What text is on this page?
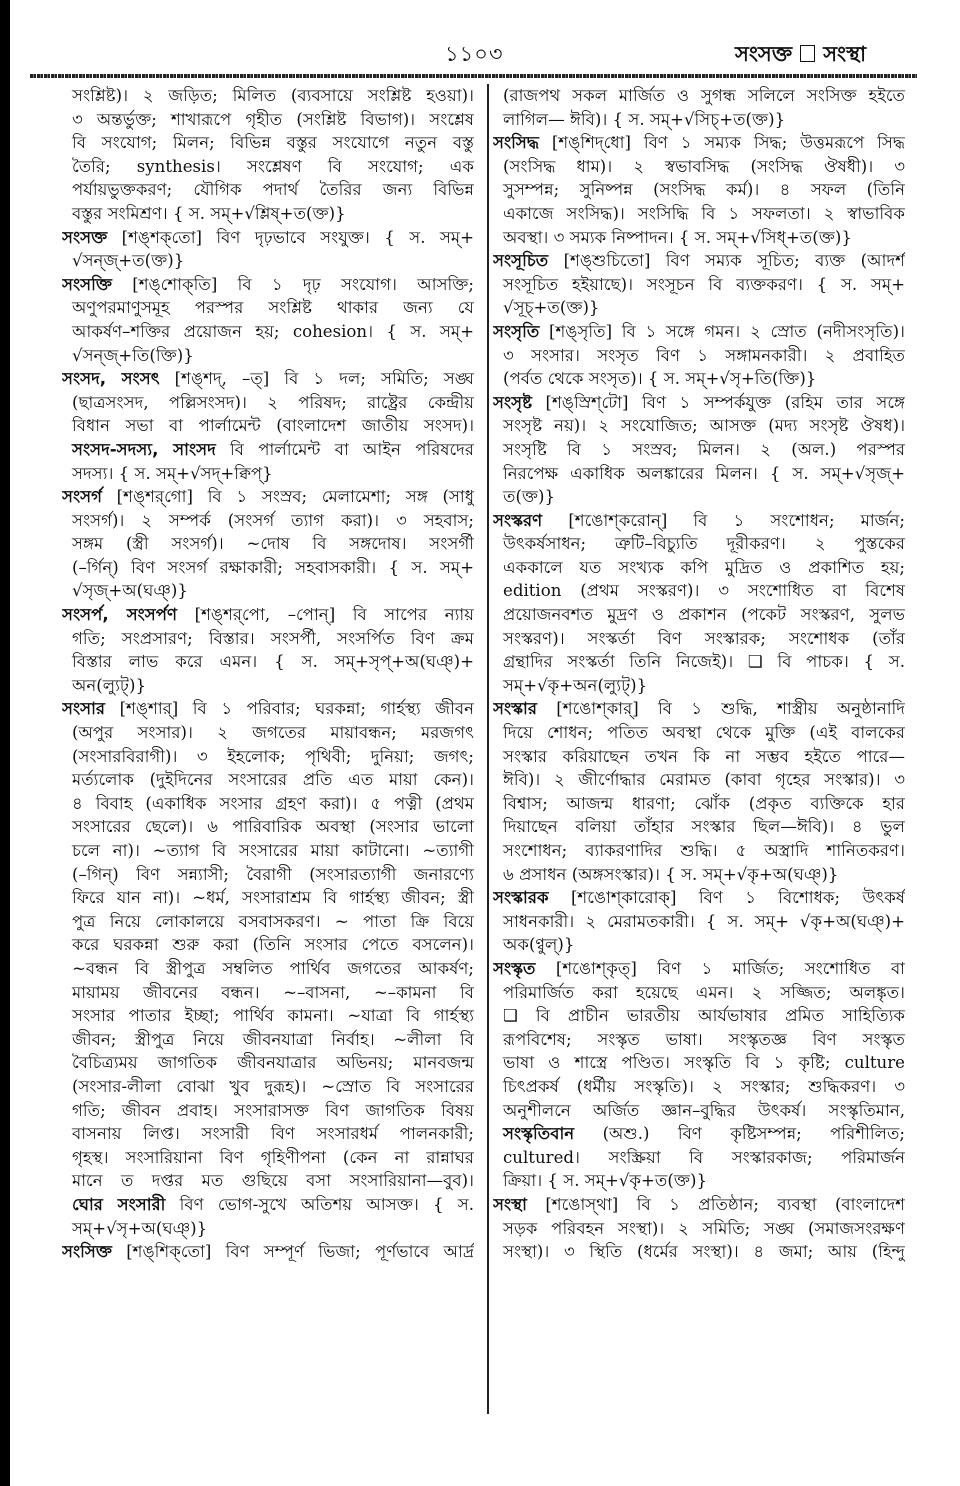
১১০৩	সংসক্ত সংস্থা
সংশ্লিষ্ট)। ২ জড়িত; মিলিত (ব্যবসায়ে সংশ্লিষ্ট হওয়া)।
৩ অন্তর্ভুক্ত; শাখারূপে গৃহীত (সংশ্লিষ্ট বিভাগ)। সংশ্লেষ
বি সংযোগ; মিলন; বিভিন্ন বস্তুর সংযোগে নতুন বস্তু
তৈরি; synthesis। সংশ্লেষণ বি সংযোগ; এক
পর্যায়ভুক্তকরণ; যৌগিক পদার্থ তৈরির জন্য বিভিন্ন
বস্তুর সংমিশ্রণ। { স. সম্‌+√শ্লিষ্‌+ত(ক্ত)}
সংসক্ত [শঙ্‌শক্‌তো] বিণ দৃঢ়ভাবে সংযুক্ত। { স. সম্‌+
√সন্‌জ্‌+ত(ক্ত)}
সংসক্তি [শঙ্‌শোক্‌তি] বি ১ দৃঢ় সংযোগ। আসক্তি;
অণুপরমাণুসমূহ পরস্পর সংশ্লিষ্ট থাকার জন্য যে
আকর্ষণ–শক্তির প্রয়োজন হয়; cohesion। { স. সম্‌+
√সন্‌জ্‌+তি(ক্তি)}
সংসদ, সংসৎ [শঙ্‌শদ্‌, –ত্‌] বি ১ দল; সমিতি; সঙ্ঘ
(ছাত্রসংসদ, পল্লিসংসদ)। ২ পরিষদ; রাষ্ট্রের কেন্দ্রীয়
বিধান সভা বা পার্লামেন্ট (বাংলাদেশ জাতীয় সংসদ)।
সংসদ-সদস্য, সাংসদ বি পার্লামেন্ট বা আইন পরিষদের
সদস্য। { স. সম্‌+√সদ্‌+ক্বিপ্‌}
সংসর্গ [শঙ্‌শর্‌গো] বি ১ সংস্রব; মেলামেশা; সঙ্গ (সাধু
সংসর্গ)। ২ সম্পর্ক (সংসর্গ ত্যাগ করা)। ৩ সহবাস;
সঙ্গম (স্ত্রী সংসর্গ)। ~দোষ বি সঙ্গদোষ। সংসর্গী
(–র্গিন্‌) বিণ সংসর্গ রক্ষাকারী; সহবাসকারী। { স. সম্‌+
√সৃজ্‌+অ(ঘঞ্‌)}
সংসর্প, সংসর্পণ [শঙ্‌শর্‌পো, –পোন্‌] বি সাপের ন্যায়
গতি; সংপ্রসারণ; বিস্তার। সংসর্পী, সংসর্পিত বিণ ক্রম
বিস্তার লাভ করে এমন। { স. সম্‌+সৃপ্‌+অ(ঘঞ্‌)+
অন(ল্যুট্‌)}
সংসার [শঙ্‌শার্‌] বি ১ পরিবার; ঘরকন্না; গার্হস্থ্য জীবন
(অপুর সংসার)। ২ জগতের মায়াবন্ধন; মরজগৎ
(সংসারবিরাগী)। ৩ ইহলোক; পৃথিবী; দুনিয়া; জগৎ;
মর্ত্যলোক (দুইদিনের সংসারের প্রতি এত মায়া কেন)।
৪ বিবাহ (একাধিক সংসার গ্রহণ করা)। ৫ পত্নী (প্রথম
সংসারের ছেলে)। ৬ পারিবারিক অবস্থা (সংসার ভালো
চলে না)। ~ত্যাগ বি সংসারের মায়া কাটানো। ~ত্যাগী
(–গিন্‌) বিণ সন্ন্যাসী; বৈরাগী (সংসারত্যাগী জনারণ্যে
ফিরে যান না)। ~ধর্ম, সংসারাশ্রম বি গার্হস্থ্য জীবন; স্ত্রী
পুত্র নিয়ে লোকালয়ে বসবাসকরণ। ~ পাতা ক্রি বিয়ে
করে ঘরকন্না শুরু করা (তিনি সংসার পেতে বসলেন)।
~বন্ধন বি স্ত্রীপুত্র সম্বলিত পার্থিব জগতের আকর্ষণ;
মায়াময় জীবনের বন্ধন। ~–বাসনা, ~–কামনা বি
সংসার পাতার ইচ্ছা; পার্থিব কামনা। ~যাত্রা বি গার্হস্থ্য
জীবন; স্ত্রীপুত্র নিয়ে জীবনযাত্রা নির্বাহ। ~লীলা বি
বৈচিত্র্যময় জাগতিক জীবনযাত্রার অভিনয়; মানবজন্ম
(সংসার-লীলা বোঝা খুব দুরূহ)। ~স্রোত বি সংসারের
গতি; জীবন প্রবাহ। সংসারাসক্ত বিণ জাগতিক বিষয়
বাসনায় লিপ্ত। সংসারী বিণ সংসারধর্ম পালনকারী;
গৃহস্থ। সংসারিয়ানা বিণ গৃহিণীপনা (কেন না রান্নাঘর
মানে ত দপ্তর মত গুছিয়ে বসা সংসারিয়ানা—বুব)।
ঘোর সংসারী বিণ ভোগ-সুখে অতিশয় আসক্ত। { স.
সম্‌+√সৃ+অ(ঘঞ্‌)}
সংসিক্ত [শঙ্‌শিক্‌তো] বিণ সম্পূর্ণ ভিজা; পূর্ণভাবে আর্দ্র
(রাজপথ সকল মার্জিত ও সুগন্ধ সলিলে সংসিক্ত হইতে
লাগিল— ঈবি)। { স. সম্‌+√সিচ্‌+ত(ক্ত)}
সংসিদ্ধ [শঙ্‌শিদ্‌ধো] বিণ ১ সম্যক সিদ্ধ; উত্তমরূপে সিদ্ধ
(সংসিদ্ধ ধাম)। ২ স্বভাবসিদ্ধ (সংসিদ্ধ ঔষধী)। ৩
সুসম্পন্ন; সুনিষ্পন্ন (সংসিদ্ধ কর্ম)। ৪ সফল (তিনি
একাজে সংসিদ্ধ)। সংসিদ্ধি বি ১ সফলতা। ২ স্বাভাবিক
অবস্থা। ৩ সম্যক নিষ্পাদন। { স. সম্‌+√সিধ্‌+ত(ক্ত)}
সংসূচিত [শঙ্‌শুচিতো] বিণ সম্যক সূচিত; ব্যক্ত (আদর্শ
সংসূচিত হইয়াছে)। সংসূচন বি ব্যক্তকরণ। { স. সম্‌+
√সূচ্‌+ত(ক্ত)}
সংসৃতি [শঙ্‌সৃতি] বি ১ সঙ্গে গমন। ২ স্রোত (নদীসংসৃতি)।
৩ সংসার। সংসৃত বিণ ১ সঙ্গামনকারী। ২ প্রবাহিত
(পর্বত থেকে সংসৃত)। { স. সম্‌+√সৃ+তি(ক্তি)}
সংসৃষ্ট [শঙ্‌স্রিশ্‌টো] বিণ ১ সম্পর্কযুক্ত (রহিম তার সঙ্গে
সংসৃষ্ট নয়)। ২ সংযোজিত; আসক্ত (মদ্য সংসৃষ্ট ঔষধ)।
সংসৃষ্টি বি ১ সংস্রব; মিলন। ২ (অল.) পরস্পর
নিরপেক্ষ একাধিক অলঙ্কারের মিলন। { স. সম্‌+√সৃজ্‌+
ত(ক্ত)}
সংস্করণ [শঙোশ্‌করোন্‌] বি ১ সংশোধন; মার্জন;
উৎকর্ষসাধন; ত্রুটি–বিচ্যুতি দূরীকরণ। ২ পুস্তকের
এককালে যত সংখ্যক কপি মুদ্রিত ও প্রকাশিত হয়;
edition (প্রথম সংস্করণ)। ৩ সংশোধিত বা বিশেষ
প্রয়োজনবশত মুদ্রণ ও প্রকাশন (পকেট সংস্করণ, সুলভ
সংস্করণ)। সংস্কর্তা বিণ সংস্কারক; সংশোধক (তাঁর
গ্রন্থাদির সংস্কর্তা তিনি নিজেই)। ❏ বি পাচক। { স.
সম্‌+√কৃ+অন(ল্যুট্‌)}
সংস্কার [শঙোশ্‌কার্‌] বি ১ শুদ্ধি, শাস্ত্রীয় অনুষ্ঠানাদি
দিয়ে শোধন; পতিত অবস্থা থেকে মুক্তি (এই বালকের
সংস্কার করিয়াছেন তখন কি না সম্ভব হইতে পারে—
ঈবি)। ২ জীর্ণোদ্ধার মেরামত (কাবা গৃহের সংস্কার)। ৩
বিশ্বাস; আজন্ম ধারণা; ঝোঁক (প্রকৃত ব্যক্তিকে হার
দিয়াছেন বলিয়া তাঁহার সংস্কার ছিল—ঈবি)। ৪ ভুল
সংশোধন; ব্যাকরণাদির শুদ্ধি। ৫ অস্ত্রাদি শানিতকরণ।
৬ প্রসাধন (অঙ্গসংস্কার)। { স. সম্‌+√কৃ+অ(ঘঞ্‌)}
সংস্কারক [শঙোশ্‌কারোক্‌] বিণ ১ বিশোধক; উৎকর্ষ
সাধনকারী। ২ মেরামতকারী। { স. সম্‌+ √কৃ+অ(ঘঞ্‌)+
অক(ণ্বুল্‌)}
সংস্কৃত [শঙোশ্‌কৃত্‌] বিণ ১ মার্জিত; সংশোধিত বা
পরিমার্জিত করা হয়েছে এমন। ২ সজ্জিত; অলঙ্কৃত।
❏ বি প্রাচীন ভারতীয় আর্যভাষার প্রমিত সাহিত্যিক
রূপবিশেষ; সংস্কৃত ভাষা। সংস্কৃতজ্ঞ বিণ সংস্কৃত
ভাষা ও শাস্ত্রে পণ্ডিত। সংস্কৃতি বি ১ কৃষ্টি; culture
চিৎপ্রকর্ষ (ধর্মীয় সংস্কৃতি)। ২ সংস্কার; শুদ্ধিকরণ। ৩
অনুশীলনে অর্জিত জ্ঞান–বুদ্ধির উৎকর্ষ। সংস্কৃতিমান,
সংস্কৃতিবান (অশু.) বিণ কৃষ্টিসম্পন্ন; পরিশীলিত;
cultured। সংস্ক্রিয়া বি সংস্কারকাজ; পরিমার্জন
ক্রিয়া। { স. সম্‌+√কৃ+ত(ক্ত)}
সংস্থা [শঙোস্‌থা] বি ১ প্রতিষ্ঠান; ব্যবস্থা (বাংলাদেশ
সড়ক পরিবহন সংস্থা)। ২ সমিতি; সঙ্ঘ (সমাজসংরক্ষণ
সংস্থা)। ৩ স্থিতি (ধর্মের সংস্থা)। ৪ জমা; আয় (হিন্দু
